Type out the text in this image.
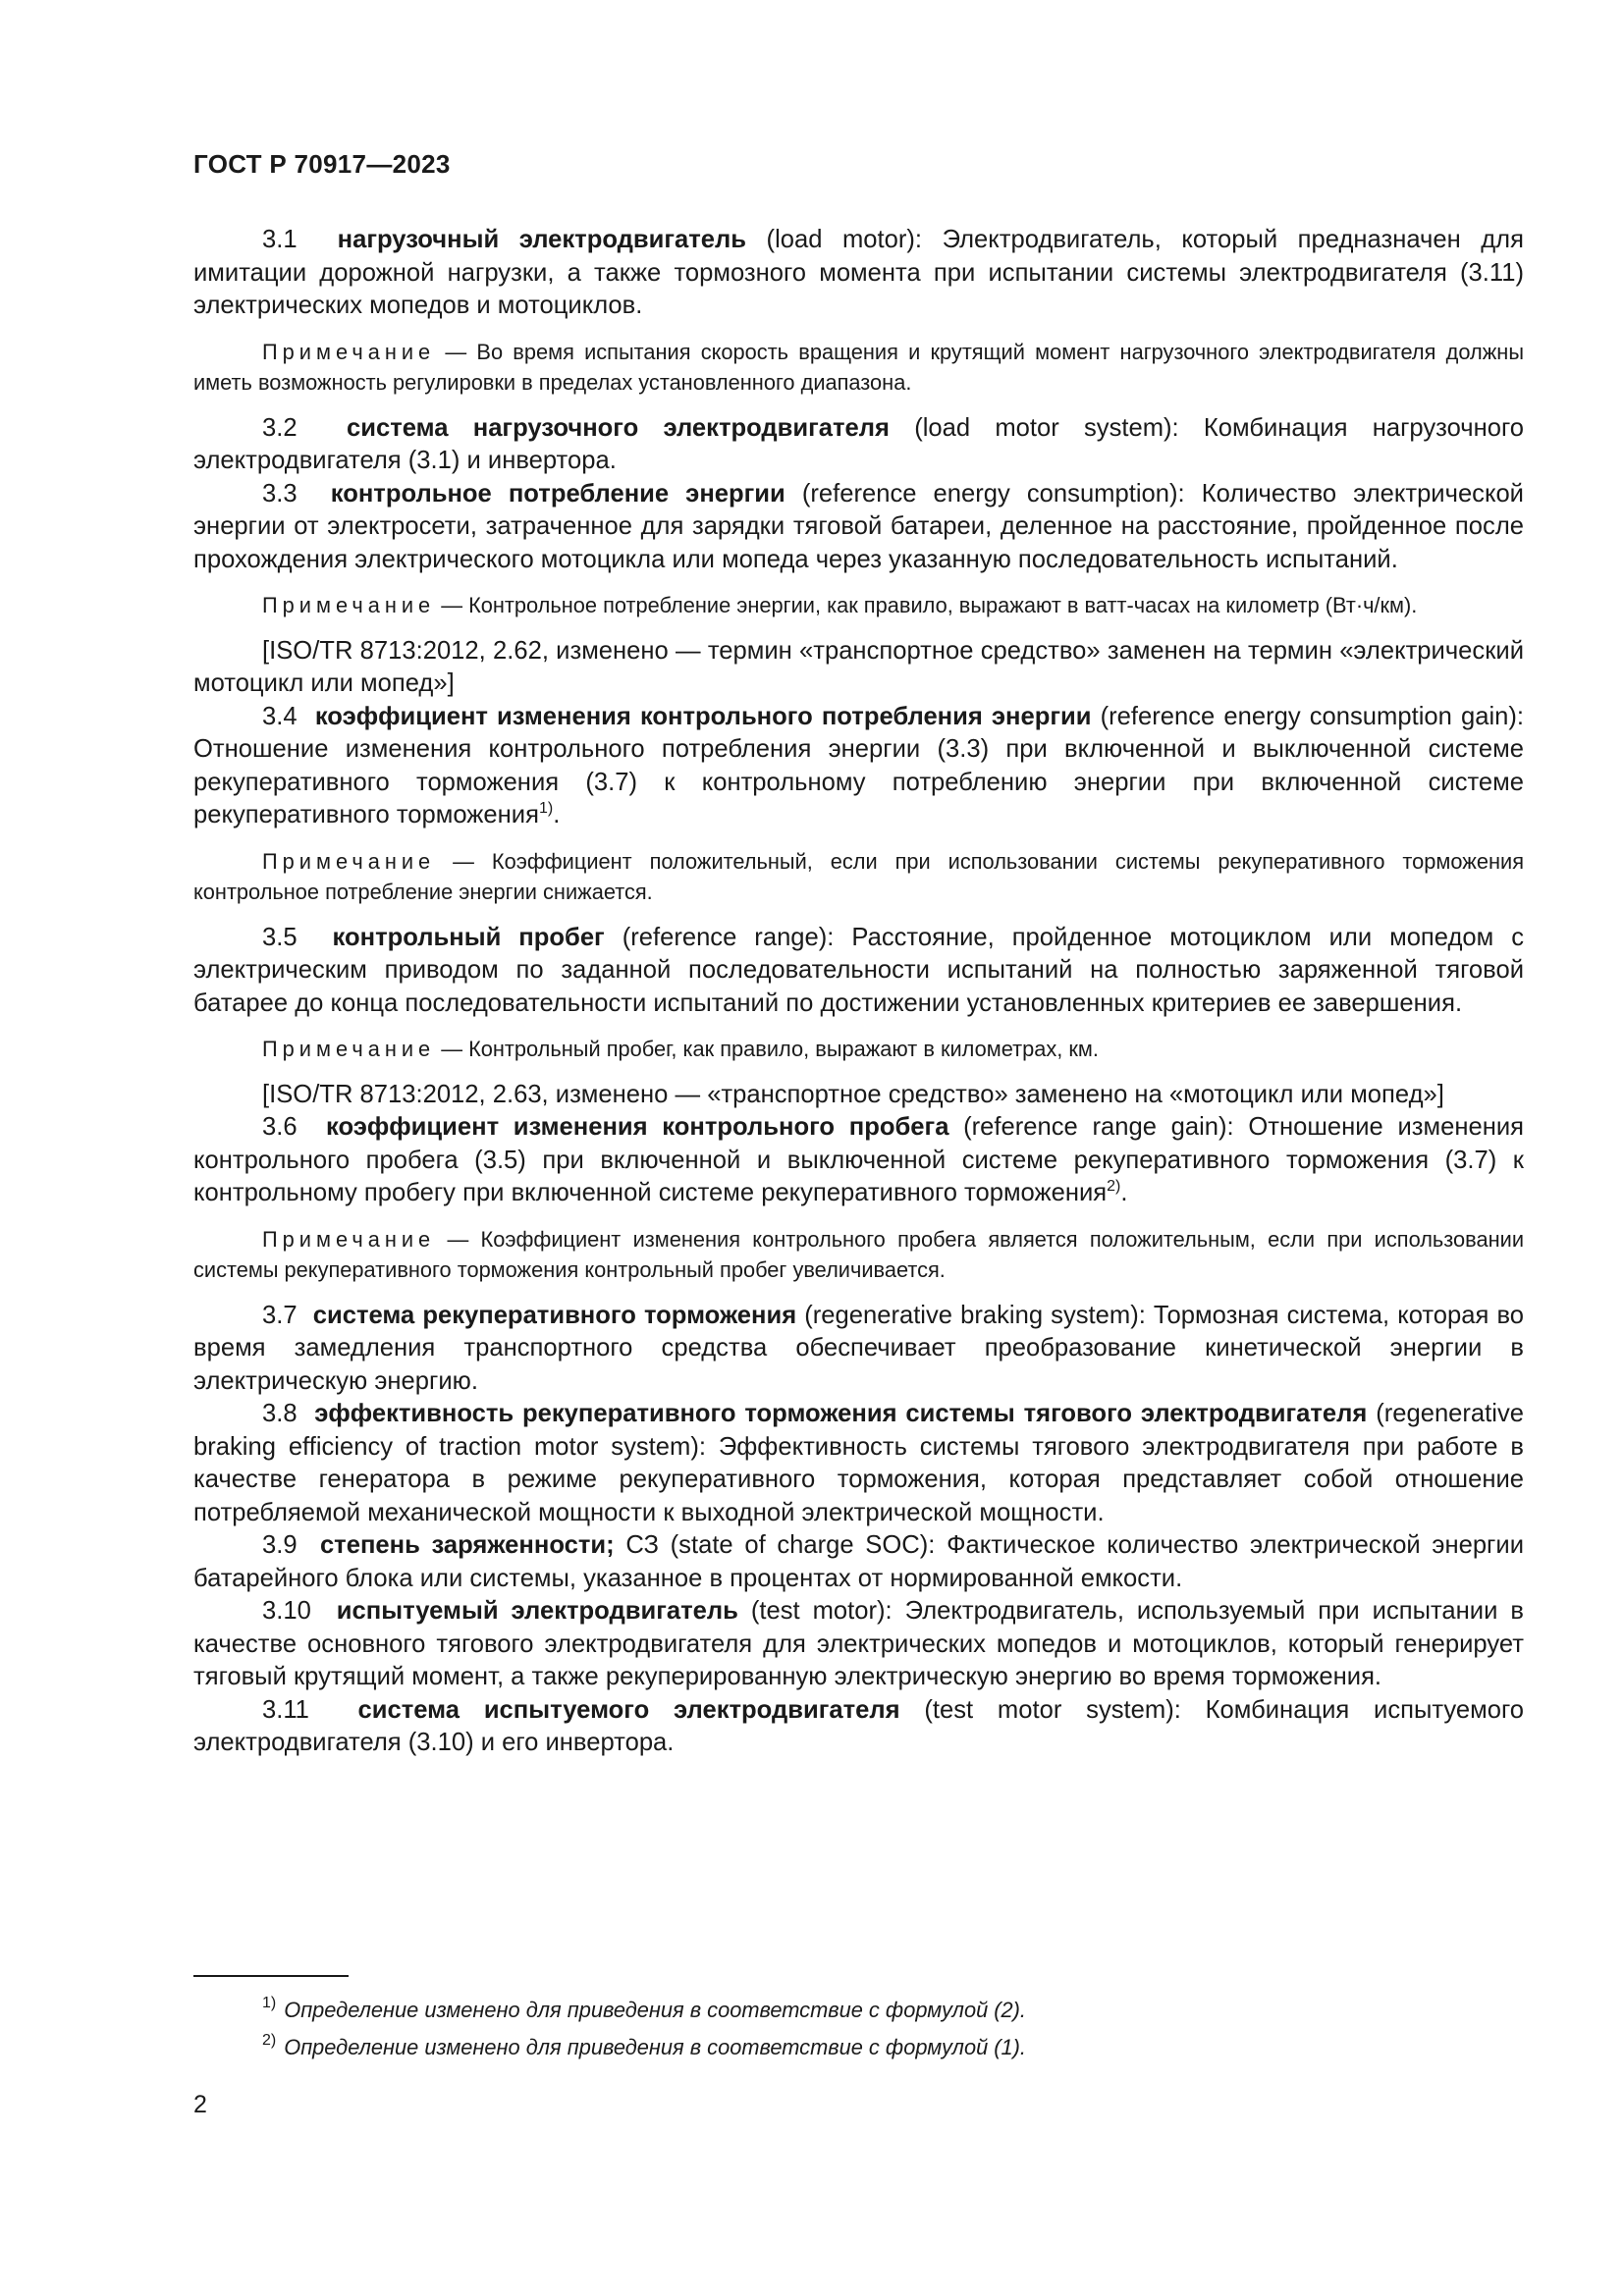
ГОСТ Р 70917—2023

3.1 нагрузочный электродвигатель (load motor): Электродвигатель, который предназначен для имитации дорожной нагрузки, а также тормозного момента при испытании системы электродвигателя (3.11) электрических мопедов и мотоциклов.

Примечание — Во время испытания скорость вращения и крутящий момент нагрузочного электродвигателя должны иметь возможность регулировки в пределах установленного диапазона.

3.2 система нагрузочного электродвигателя (load motor system): Комбинация нагрузочного электродвигателя (3.1) и инвертора.

3.3 контрольное потребление энергии (reference energy consumption): Количество электрической энергии от электросети, затраченное для зарядки тяговой батареи, деленное на расстояние, пройденное после прохождения электрического мотоцикла или мопеда через указанную последовательность испытаний.

Примечание — Контрольное потребление энергии, как правило, выражают в ватт-часах на километр (Вт·ч/км).

[ISO/TR 8713:2012, 2.62, изменено — термин «транспортное средство» заменен на термин «электрический мотоцикл или мопед»]

3.4 коэффициент изменения контрольного потребления энергии (reference energy consumption gain): Отношение изменения контрольного потребления энергии (3.3) при включенной и выключенной системе рекуперативного торможения (3.7) к контрольному потреблению энергии при включенной системе рекуперативного торможения$^{1)}$.

Примечание — Коэффициент положительный, если при использовании системы рекуперативного торможения контрольное потребление энергии снижается.

3.5 контрольный пробег (reference range): Расстояние, пройденное мотоциклом или мопедом с электрическим приводом по заданной последовательности испытаний на полностью заряженной тяговой батарее до конца последовательности испытаний по достижении установленных критериев ее завершения.

Примечание — Контрольный пробег, как правило, выражают в километрах, км.

[ISO/TR 8713:2012, 2.63, изменено — «транспортное средство» заменено на «мотоцикл или мопед»]

3.6 коэффициент изменения контрольного пробега (reference range gain): Отношение изменения контрольного пробега (3.5) при включенной и выключенной системе рекуперативного торможения (3.7) к контрольному пробегу при включенной системе рекуперативного торможения$^{2)}$.

Примечание — Коэффициент изменения контрольного пробега является положительным, если при использовании системы рекуперативного торможения контрольный пробег увеличивается.

3.7 система рекуперативного торможения (regenerative braking system): Тормозная система, которая во время замедления транспортного средства обеспечивает преобразование кинетической энергии в электрическую энергию.

3.8 эффективность рекуперативного торможения системы тягового электродвигателя (regenerative braking efficiency of traction motor system): Эффективность системы тягового электродвигателя при работе в качестве генератора в режиме рекуперативного торможения, которая представляет собой отношение потребляемой механической мощности к выходной электрической мощности.

3.9 степень заряженности; СЗ (state of charge SOC): Фактическое количество электрической энергии батарейного блока или системы, указанное в процентах от нормированной емкости.

3.10 испытуемый электродвигатель (test motor): Электродвигатель, используемый при испытании в качестве основного тягового электродвигателя для электрических мопедов и мотоциклов, который генерирует тяговый крутящий момент, а также рекуперированную электрическую энергию во время торможения.

3.11 система испытуемого электродвигателя (test motor system): Комбинация испытуемого электродвигателя (3.10) и его инвертора.

$^{1)}$ Определение изменено для приведения в соответствие с формулой (2).

$^{2)}$ Определение изменено для приведения в соответствие с формулой (1).

2
